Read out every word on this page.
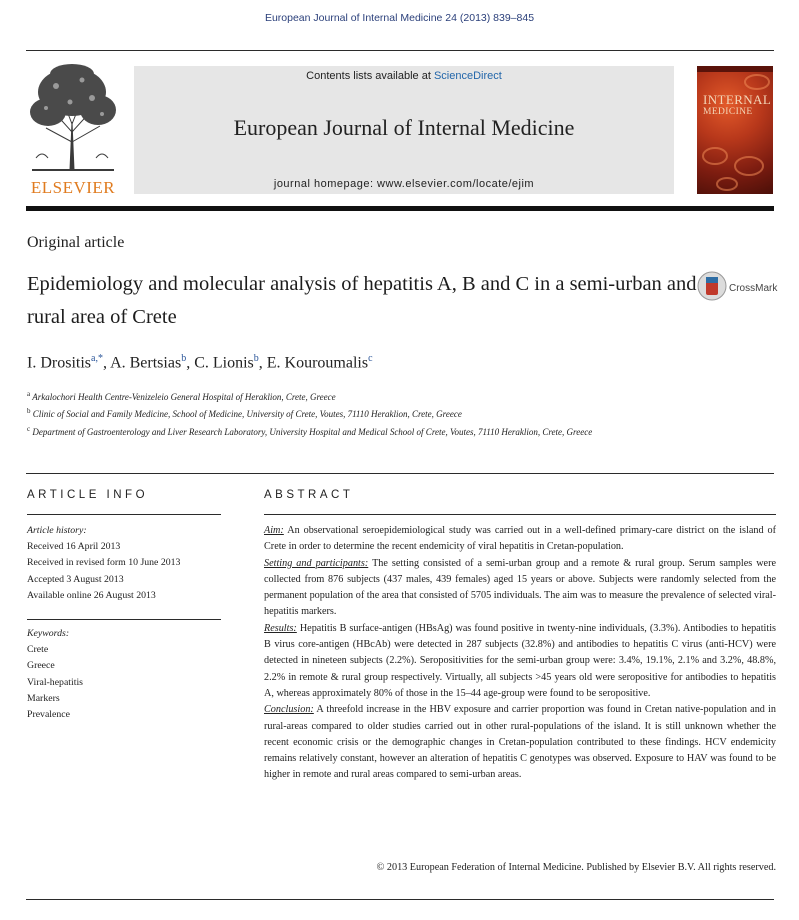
European Journal of Internal Medicine 24 (2013) 839–845
ELSEVIER
Contents lists available at ScienceDirect
European Journal of Internal Medicine
journal homepage: www.elsevier.com/locate/ejim
INTERNAL
MEDICINE
Original article
Epidemiology and molecular analysis of hepatitis A, B and C in a semi-urban and rural area of Crete
CrossMark
I. Drositis$^{a,*}$, A. Bertsias$^b$, C. Lionis$^b$, E. Kouroumalis$^c$
$^a$ Arkalochori Health Centre-Venizeleio General Hospital of Heraklion, Crete, Greece
$^b$ Clinic of Social and Family Medicine, School of Medicine, University of Crete, Voutes, 71110 Heraklion, Crete, Greece
$^c$ Department of Gastroenterology and Liver Research Laboratory, University Hospital and Medical School of Crete, Voutes, 71110 Heraklion, Crete, Greece
ARTICLE INFO	ABSTRACT
Article history:
Received 16 April 2013
Received in revised form 10 June 2013
Accepted 3 August 2013
Available online 26 August 2013
Keywords:
Crete
Greece
Viral-hepatitis
Markers
Prevalence

Aim: An observational seroepidemiological study was carried out in a well-defined primary-care district on the island of Crete in order to determine the recent endemicity of viral hepatitis in Cretan-population.

Setting and participants: The setting consisted of a semi-urban group and a remote & rural group. Serum samples were collected from 876 subjects (437 males, 439 females) aged 15 years or above. Subjects were randomly selected from the permanent population of the area that consisted of 5705 individuals. The aim was to measure the prevalence of selected viral-hepatitis markers.

Results: Hepatitis B surface-antigen (HBsAg) was found positive in twenty-nine individuals, (3.3%). Antibodies to hepatitis B virus core-antigen (HBcAb) were detected in 287 subjects (32.8%) and antibodies to hepatitis C virus (anti-HCV) were detected in nineteen subjects (2.2%). Seropositivities for the semi-urban group were: 3.4%, 19.1%, 2.1% and 3.2%, 48.8%, 2.2% in remote & rural group respectively. Virtually, all subjects >45 years old were seropositive for antibodies to hepatitis A, whereas approximately 80% of those in the 15–44 age-group were found to be seropositive.

Conclusion: A threefold increase in the HBV exposure and carrier proportion was found in Cretan native-population and in rural-areas compared to older studies carried out in other rural-populations of the island. It is still unknown whether the recent economic crisis or the demographic changes in Cretan-population contributed to these findings. HCV endemicity remains relatively constant, however an alteration of hepatitis C genotypes was observed. Exposure to HAV was found to be higher in remote and rural areas compared to semi-urban areas.

© 2013 European Federation of Internal Medicine. Published by Elsevier B.V. All rights reserved.
